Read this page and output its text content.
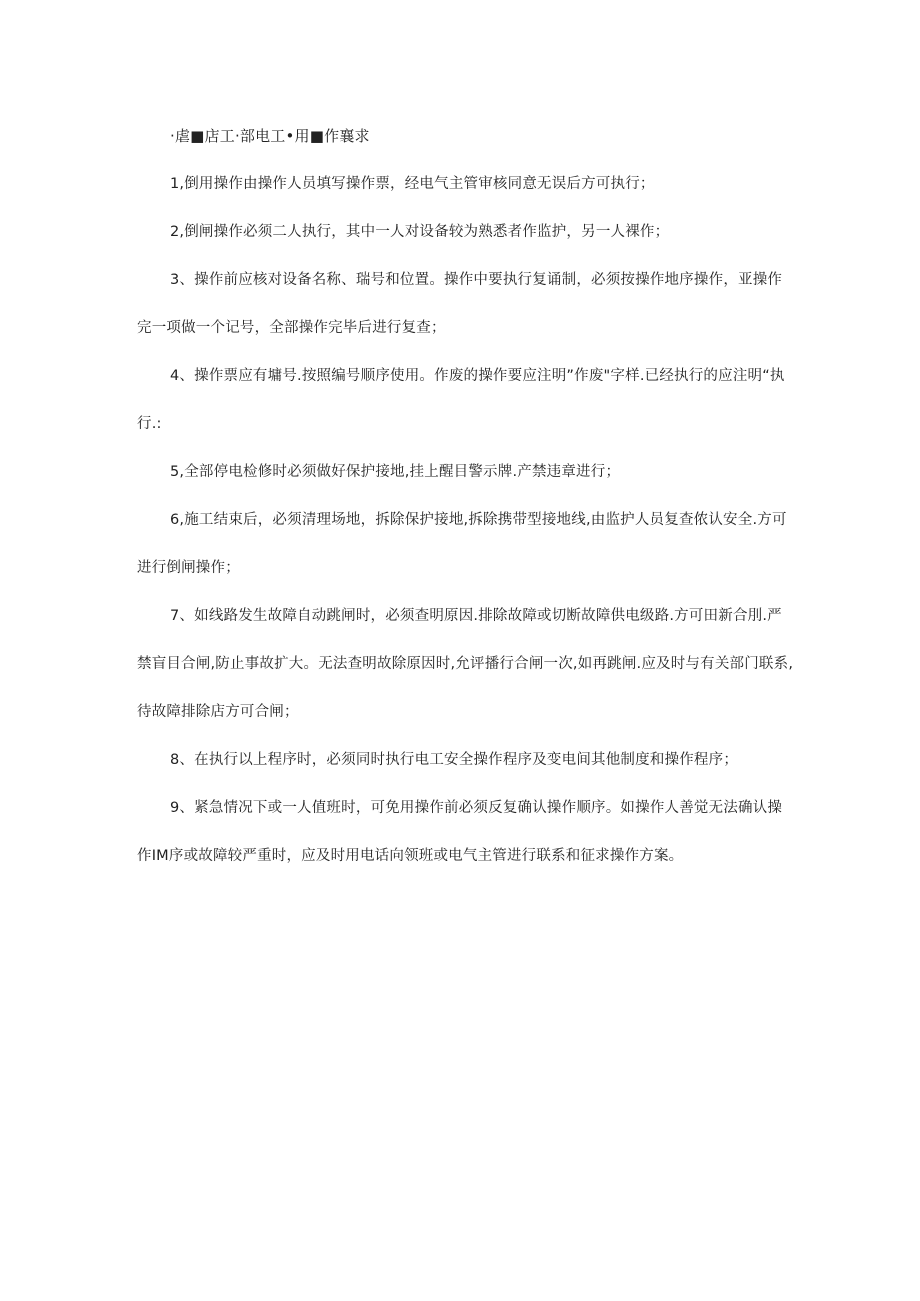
·虐■店工·部电工•用■作襄求
1,倒用操作由操作人员填写操作票，经电气主管审核同意无误后方可执行；
2,倒闸操作必须二人执行，其中一人对设备较为熟悉者作监护，另一人裸作；
3、操作前应核对设备名称、瑞号和位置。操作中要执行复诵制，必须按操作地序操作，亚操作
完一项做一个记号，全部操作完毕后进行复查；
4、操作票应有墉号.按照编号顺序使用。作废的操作要应注明”作废"字样.已经执行的应注明“执
行.:
5,全部停电检修时必须做好保护接地,挂上醒目警示牌.产禁违章进行；
6,施工结束后，必须清理场地，拆除保护接地,拆除携带型接地线,由监护人员复查侬认安全.方可
进行倒闸操作；
7、如线路发生故障自动跳闸时，必须查明原因.排除故障或切断故障供电级路.方可田新合刖.严
禁盲目合闸,防止事故扩大。无法查明故除原因时,允评播行合闸一次,如再跳闸.应及时与有关部门联系,
待故障排除店方可合闸；
8、在执行以上程序时，必须同时执行电工安全操作程序及变电间其他制度和操作程序；
9、紧急情况下或一人值班时，可免用操作前必须反复确认操作顺序。如操作人善觉无法确认操
作IM序或故障较严重时，应及时用电话向领班或电气主管进行联系和征求操作方案。
